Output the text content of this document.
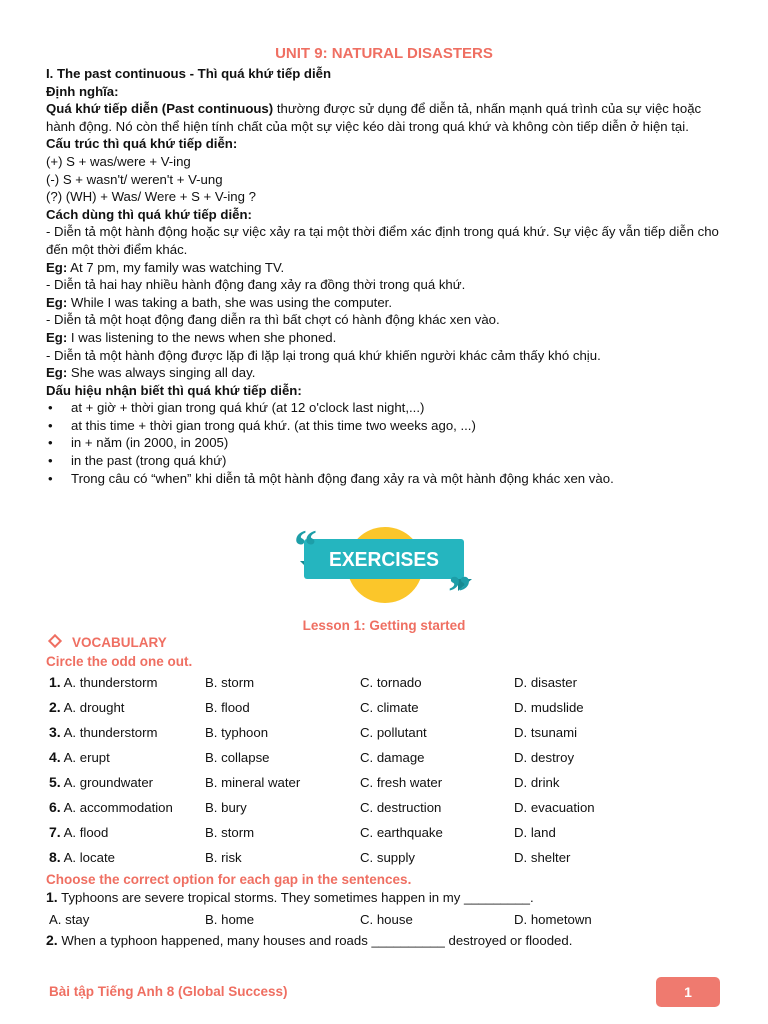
UNIT 9: NATURAL DISASTERS
I. The past continuous - Thì quá khứ tiếp diễn
Định nghĩa:
Quá khứ tiếp diễn (Past continuous) thường được sử dụng để diễn tả, nhấn mạnh quá trình của sự việc hoặc hành động. Nó còn thể hiện tính chất của một sự việc kéo dài trong quá khứ và không còn tiếp diễn ở hiện tại.
Cấu trúc thì quá khứ tiếp diễn:
(+) S + was/were + V-ing
(-) S + wasn't/ weren't + V-ung
(?) (WH) + Was/ Were + S + V-ing ?
Cách dùng thì quá khứ tiếp diễn:
- Diễn tả một hành động hoặc sự việc xảy ra tại một thời điểm xác định trong quá khứ. Sự việc ấy vẫn tiếp diễn cho đến một thời điểm khác.
Eg: At 7 pm, my family was watching TV.
- Diễn tả hai hay nhiều hành động đang xảy ra đồng thời trong quá khứ.
Eg: While I was taking a bath, she was using the computer.
- Diễn tả một hoạt động đang diễn ra thì bất chợt có hành động khác xen vào.
Eg: I was listening to the news when she phoned.
- Diễn tả một hành động được lặp đi lặp lại trong quá khứ khiến người khác cảm thấy khó chịu.
Eg: She was always singing all day.
Dấu hiệu nhận biết thì quá khứ tiếp diễn:
• at + giờ + thời gian trong quá khứ (at 12 o'clock last night,...)
• at this time + thời gian trong quá khứ. (at this time two weeks ago, ...)
• in + năm (in 2000, in 2005)
• in the past (trong quá khứ)
• Trong câu có “when” khi diễn tả một hành động đang xảy ra và một hành động khác xen vào.
“
”
EXERCISES
Lesson 1: Getting started
VOCABULARY
Circle the odd one out.
1. A. thunderstorm	B. storm	C. tornado	D. disaster
2. A. drought	B. flood	C. climate	D. mudslide
3. A. thunderstorm	B. typhoon	C. pollutant	D. tsunami
4. A. erupt	B. collapse	C. damage	D. destroy
5. A. groundwater	B. mineral water	C. fresh water	D. drink
6. A. accommodation B. bury	C. destruction	D. evacuation
7. A. flood	B. storm	C. earthquake	D. land
8. A. locate	B. risk	C. supply	D. shelter
Choose the correct option for each gap in the sentences.
1. Typhoons are severe tropical storms. They sometimes happen in my _________.
A. stay	B. home	C. house	D. hometown
2. When a typhoon happened, many houses and roads __________ destroyed or flooded.
Bài tập Tiếng Anh 8 (Global Success)	1
